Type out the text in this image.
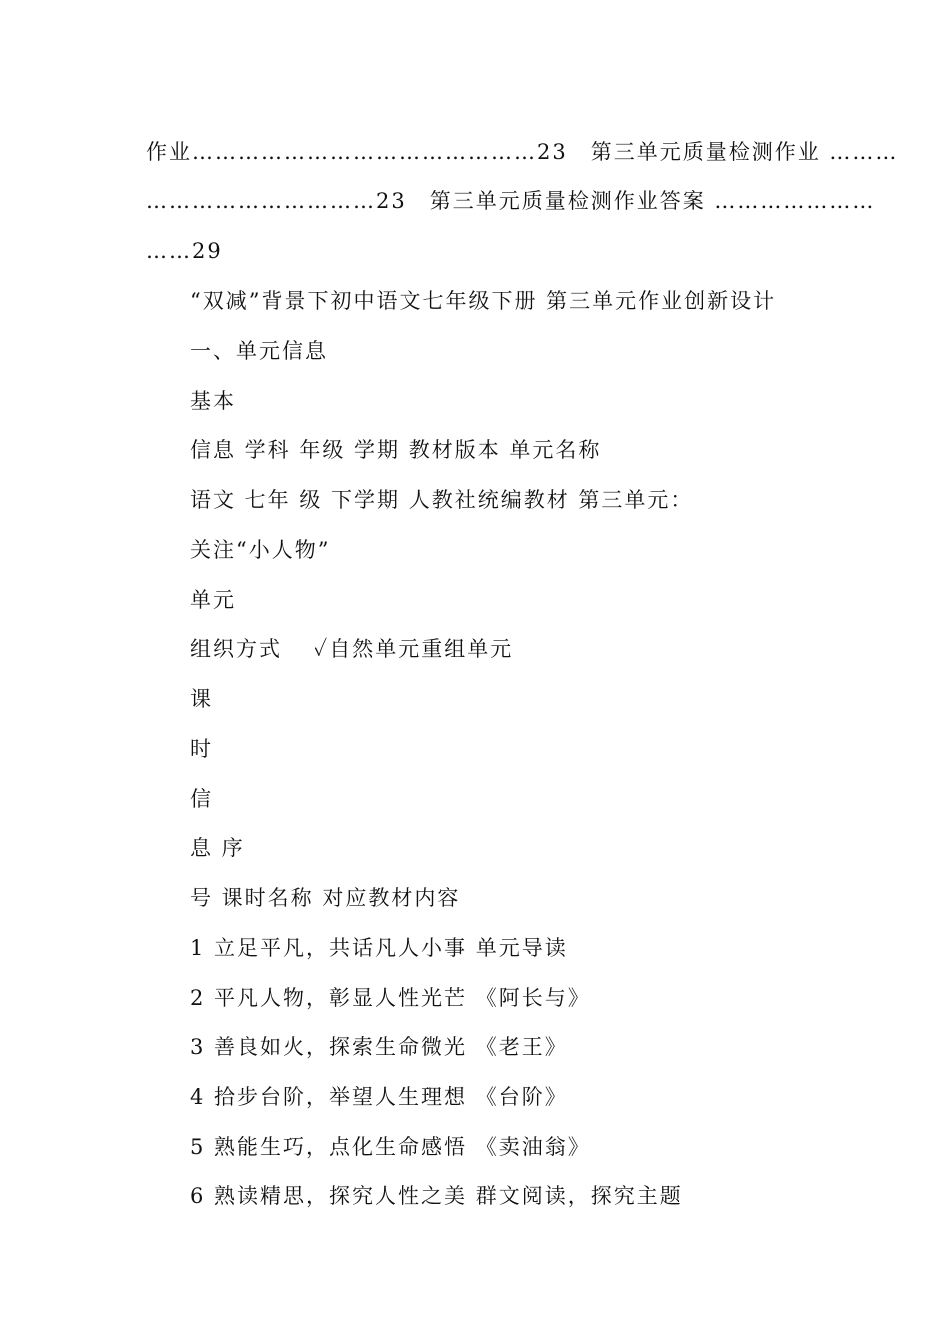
作业………………………………………23　第三单元质量检测作业 ………
…………………………23　第三单元质量检测作业答案 …………………
……29
“双减”背景下初中语文七年级下册 第三单元作业创新设计
一、单元信息
基本
信息 学科 年级 学期 教材版本 单元名称
语文 七年 级 下学期 人教社统编教材 第三单元：
关注“小人物”
单元
组织方式 　✓自然单元重组单元
课
时
信
息 序
号 课时名称 对应教材内容
1 立足平凡，共话凡人小事 单元导读
2 平凡人物，彰显人性光芒 《阿长与》
3 善良如火，探索生命微光 《老王》
4 拾步台阶，举望人生理想 《台阶》
5 熟能生巧，点化生命感悟 《卖油翁》
6 熟读精思，探究人性之美 群文阅读，探究主题
